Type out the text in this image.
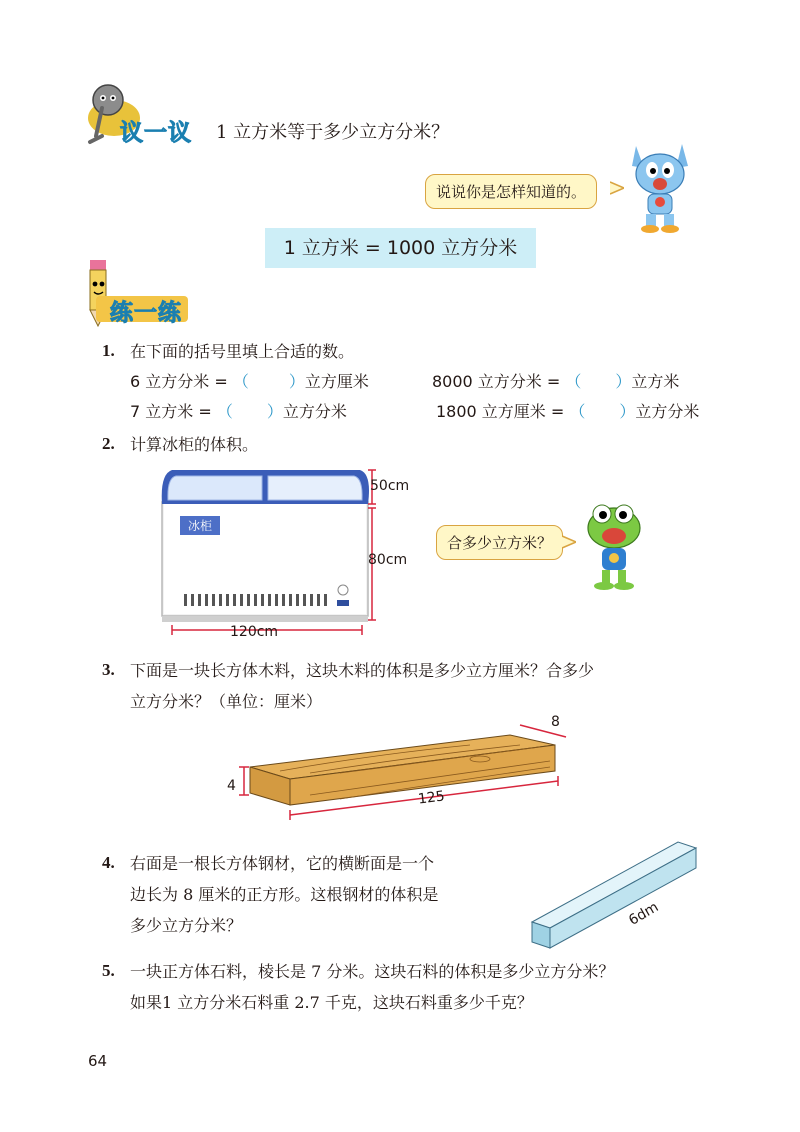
议一议 1 立方米等于多少立方分米？
说说你是怎样知道的。
1 立方米 = 1000 立方分米
练一练
1. 在下面的括号里填上合适的数。
6 立方分米 = （	）立方厘米	8000 立方分米 = （ ）立方米
7 立方米 = （ ）立方分米	1800 立方厘米 = （ ）立方分米
2. 计算冰柜的体积。
冰柜
50cm
80cm
120cm
合多少立方米？
3. 下面是一块长方体木料，这块木料的体积是多少立方厘米？合多少
立方分米？（单位：厘米）
8
4
125
4. 右面是一根长方体钢材，它的横断面是一个
边长为 8 厘米的正方形。这根钢材的体积是
多少立方分米？	6dm
5. 一块正方体石料，棱长是 7 分米。这块石料的体积是多少立方分米？
如果1 立方分米石料重 2.7 千克，这块石料重多少千克？
64
